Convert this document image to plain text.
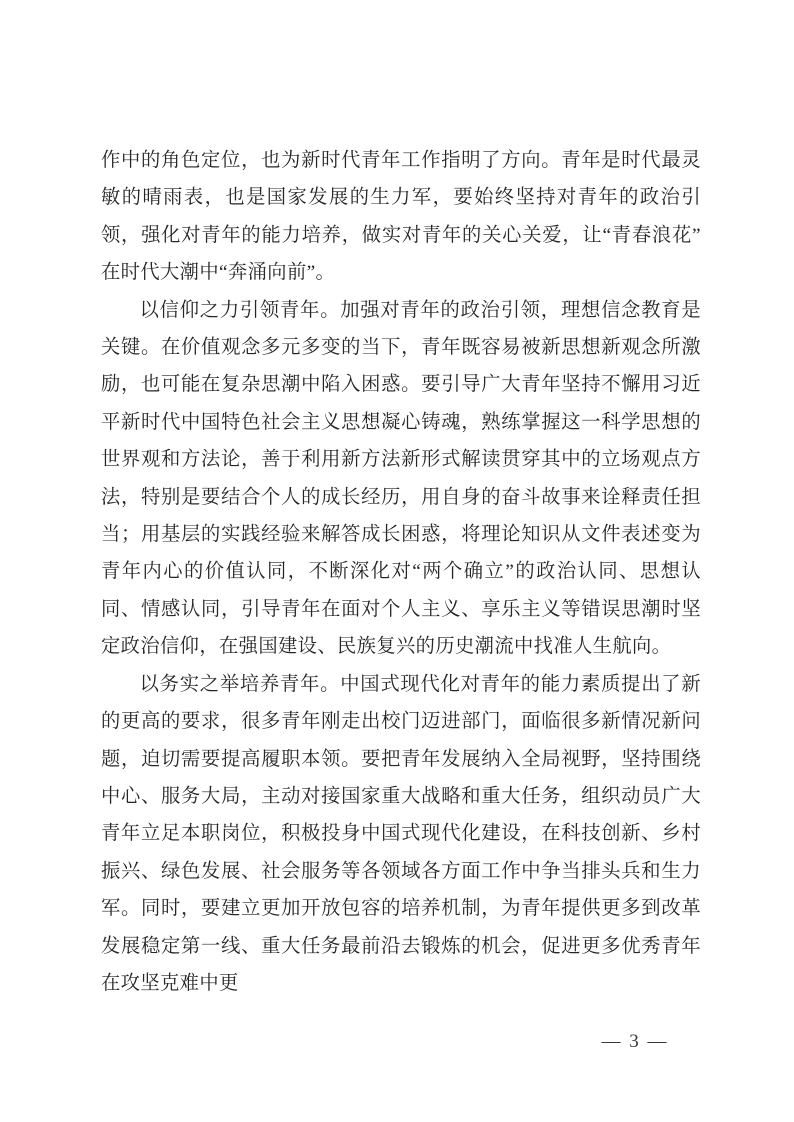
作中的角色定位，也为新时代青年工作指明了方向。青年是时代最灵敏的晴雨表，也是国家发展的生力军，要始终坚持对青年的政治引领，强化对青年的能力培养，做实对青年的关心关爱，让“青春浪花”在时代大潮中“奔涌向前”。

以信仰之力引领青年。加强对青年的政治引领，理想信念教育是关键。在价值观念多元多变的当下，青年既容易被新思想新观念所激励，也可能在复杂思潮中陷入困惑。要引导广大青年坚持不懈用习近平新时代中国特色社会主义思想凝心铸魂，熟练掌握这一科学思想的世界观和方法论，善于利用新方法新形式解读贯穿其中的立场观点方法，特别是要结合个人的成长经历，用自身的奋斗故事来诠释责任担当；用基层的实践经验来解答成长困惑，将理论知识从文件表述变为青年内心的价值认同，不断深化对“两个确立”的政治认同、思想认同、情感认同，引导青年在面对个人主义、享乐主义等错误思潮时坚定政治信仰，在强国建设、民族复兴的历史潮流中找准人生航向。

以务实之举培养青年。中国式现代化对青年的能力素质提出了新的更高的要求，很多青年刚走出校门迈进部门，面临很多新情况新问题，迫切需要提高履职本领。要把青年发展纳入全局视野，坚持围绕中心、服务大局，主动对接国家重大战略和重大任务，组织动员广大青年立足本职岗位，积极投身中国式现代化建设，在科技创新、乡村振兴、绿色发展、社会服务等各领域各方面工作中争当排头兵和生力军。同时，要建立更加开放包容的培养机制，为青年提供更多到改革发展稳定第一线、重大任务最前沿去锻炼的机会，促进更多优秀青年在攻坚克难中更

— 3 —
